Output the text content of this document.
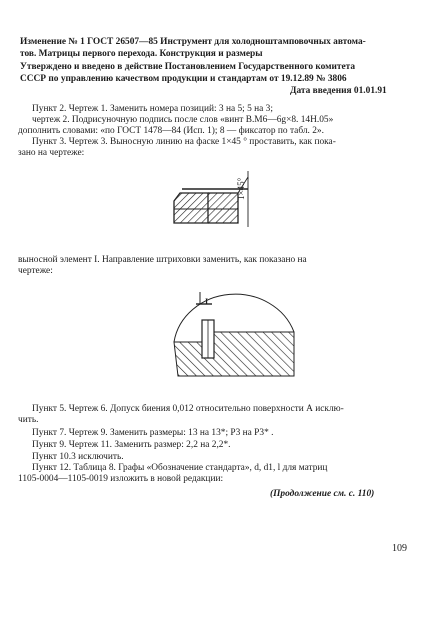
Изменение № 1 ГОСТ 26507—85 Инструмент для холодноштамповочных автома-
тов. Матрицы первого перехода. Конструкция и размеры
Утверждено и введено в действие Постановлением Государственного комитета
СССР по управлению качеством продукции и стандартам от 19.12.89 № 3806
Дата введения 01.01.91
Пункт 2. Чертеж 1. Заменить номера позиций: 3 на 5; 5 на 3;
чертеж 2. Подрисуночную подпись после слов «винт В.М6—6g×8. 14Н.05»
дополнить словами: «по ГОСТ 1478—84 (Исп. 1); 8 — фиксатор по табл. 2».
Пункт 3. Чертеж 3. Выносную линию на фаске 1×45 ° проставить, как пока-
зано на чертеже:
1×45°
выносной элемент I. Направление штриховки заменить, как показано на
чертеже:
I
Пункт 5. Чертеж 6. Допуск биения 0,012 относительно поверхности А исклю-
чить.
Пункт 7. Чертеж 9. Заменить размеры: 13 на 13*; P3 на P3* .
Пункт 9. Чертеж 11. Заменить размер: 2,2 на 2,2*.
Пункт 10.3 исключить.
Пункт 12. Таблица 8. Графы «Обозначение стандарта», d, d1, l для матриц
1105-0004—1105-0019 изложить в новой редакции:
(Продолжение см. с. 110)
109
